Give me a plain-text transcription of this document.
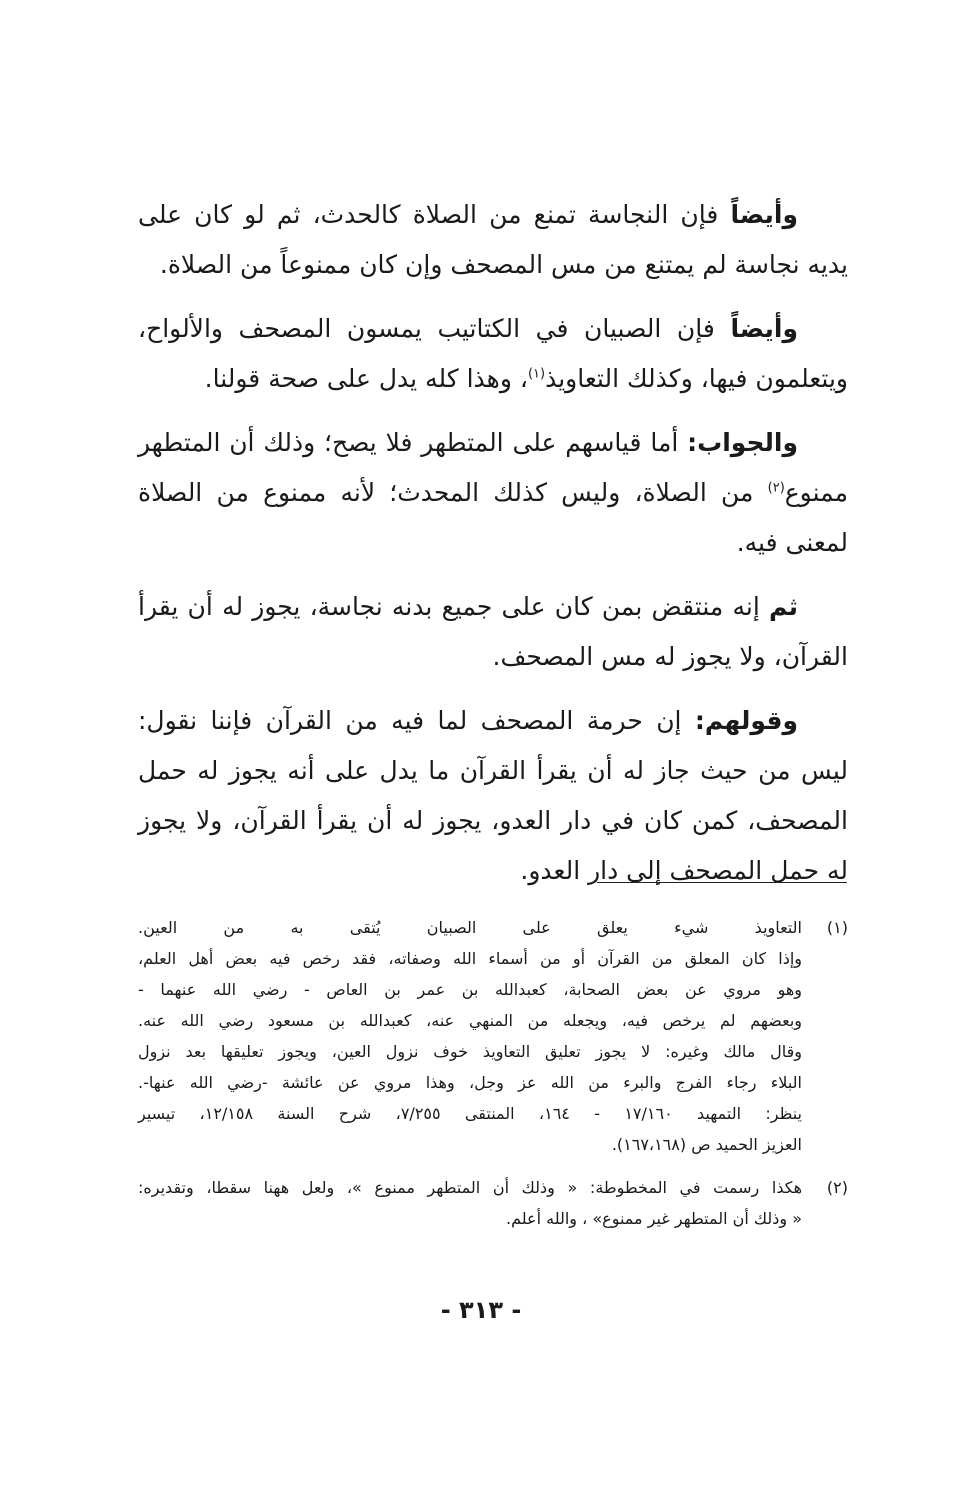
وأيضاً فإن النجاسة تمنع من الصلاة كالحدث، ثم لو كان على يديه نجاسة لم يمتنع من مس المصحف وإن كان ممنوعاً من الصلاة.

وأيضاً فإن الصبيان في الكتاتيب يمسون المصحف والألواح، ويتعلمون فيها، وكذلك التعاويذ$^{(١)}$، وهذا كله يدل على صحة قولنا.

والجواب: أما قياسهم على المتطهر فلا يصح؛ وذلك أن المتطهر ممنوع$^{(٢)}$ من الصلاة، وليس كذلك المحدث؛ لأنه ممنوع من الصلاة لمعنى فيه.

ثم إنه منتقض بمن كان على جميع بدنه نجاسة، يجوز له أن يقرأ القرآن، ولا يجوز له مس المصحف.

وقولهم: إن حرمة المصحف لما فيه من القرآن فإننا نقول: ليس من حيث جاز له أن يقرأ القرآن ما يدل على أنه يجوز له حمل المصحف، كمن كان في دار العدو، يجوز له أن يقرأ القرآن، ولا يجوز له حمل المصحف إلى دار العدو.

(١)
التعاويذ شيء يعلق على الصبيان يُتقى به من العين.
وإذا كان المعلق من القرآن أو من أسماء الله وصفاته، فقد رخص فيه بعض أهل العلم،
وهو مروي عن بعض الصحابة، كعبدالله بن عمر بن العاص - رضي الله عنهما -
وبعضهم لم يرخص فيه، ويجعله من المنهي عنه، كعبدالله بن مسعود رضي الله عنه.
وقال مالك وغيره: لا يجوز تعليق التعاويذ خوف نزول العين، ويجوز تعليقها بعد نزول
البلاء رجاء الفرج والبرء من الله عز وجل، وهذا مروي عن عائشة -رضي الله عنها-.
ينظر: التمهيد ١٧/١٦٠ - ١٦٤، المنتقى ٧/٢٥٥، شرح السنة ١٢/١٥٨، تيسير
العزيز الحميد ص (١٦٧،١٦٨).
(٢)
هكذا رسمت في المخطوطة: « وذلك أن المتطهر ممنوع »، ولعل ههنا سقطا، وتقديره:
« وذلك أن المتطهر غير ممنوع» ، والله أعلم.
- ٣١٣ -
